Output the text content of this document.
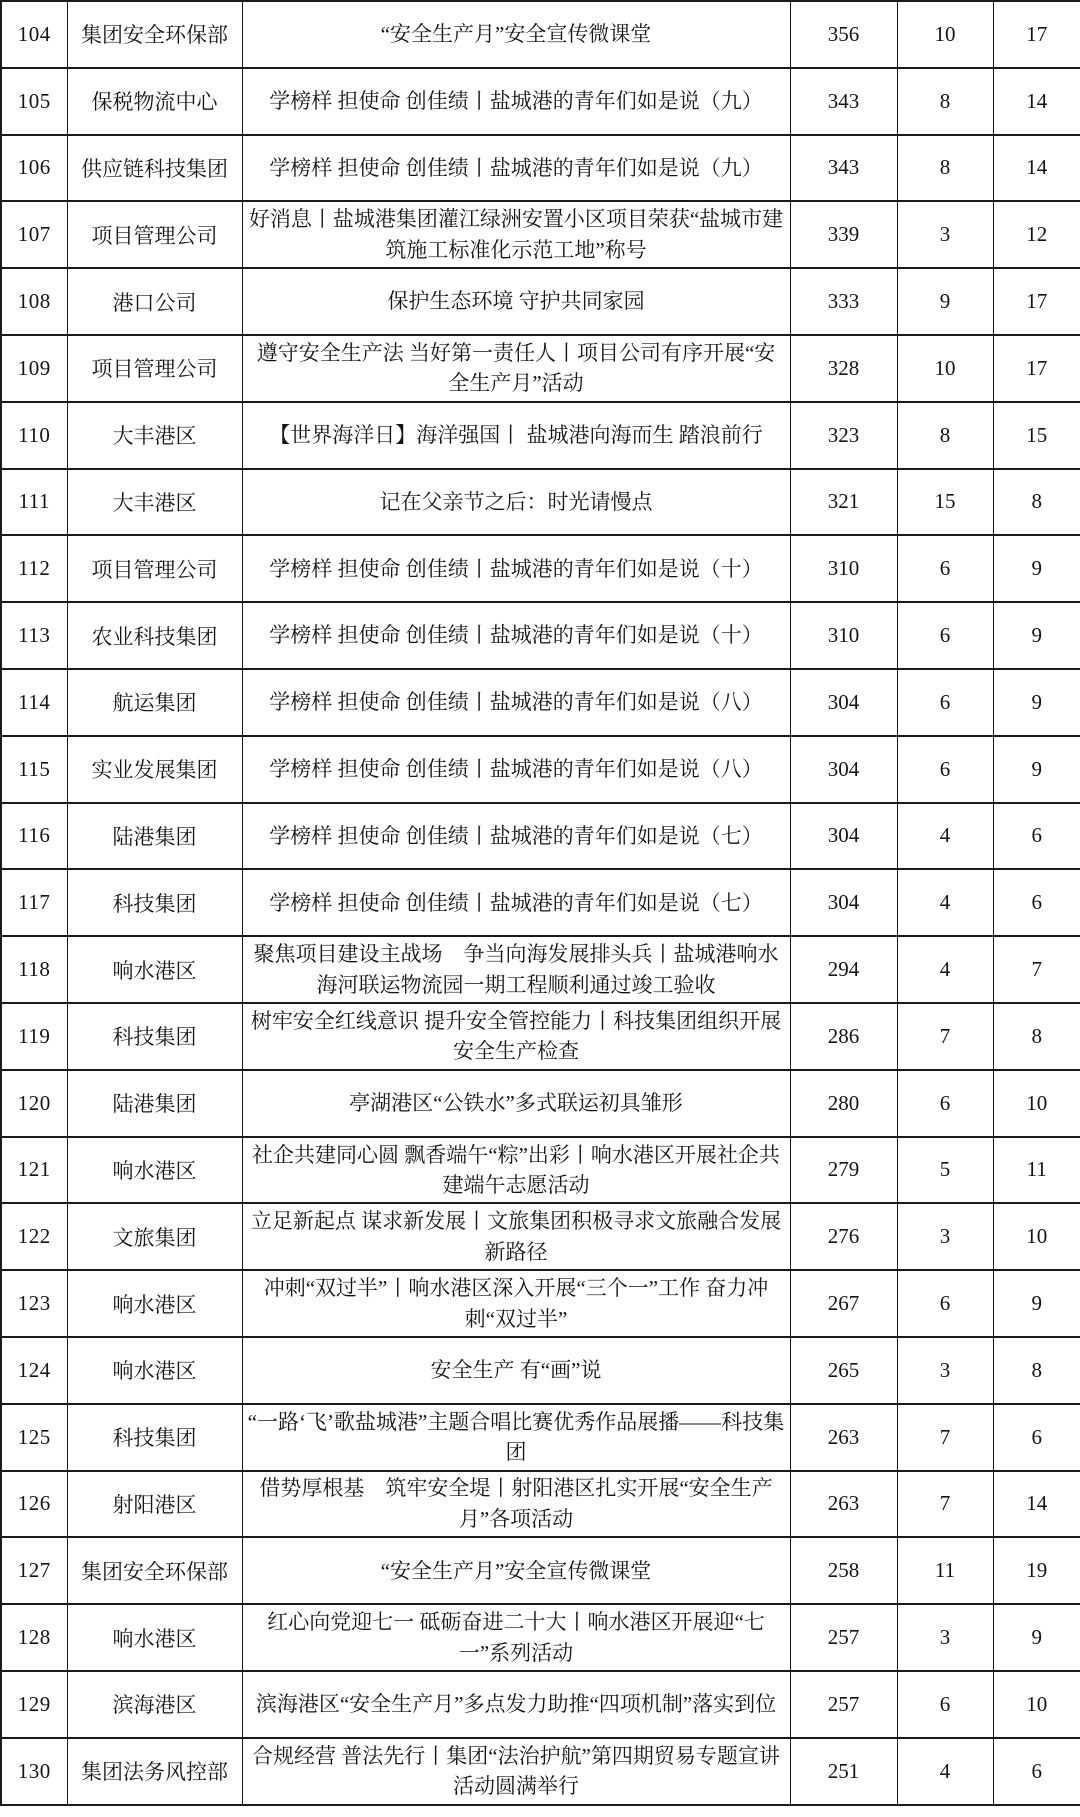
104	集团安全环保部	“安全生产月”安全宣传微课堂	356	10	17
105	保税物流中心	学榜样 担使命 创佳绩丨盐城港的青年们如是说（九）	343	8	14
106	供应链科技集团	学榜样 担使命 创佳绩丨盐城港的青年们如是说（九）	343	8	14
107	项目管理公司	好消息丨盐城港集团灌江绿洲安置小区项目荣获“盐城市建筑施工标准化示范工地”称号	339	3	12
108	港口公司	保护生态环境 守护共同家园	333	9	17
109	项目管理公司	遵守安全生产法 当好第一责任人丨项目公司有序开展“安全生产月”活动	328	10	17
110	大丰港区	【世界海洋日】海洋强国丨 盐城港向海而生 踏浪前行	323	8	15
111	大丰港区	记在父亲节之后：时光请慢点	321	15	8
112	项目管理公司	学榜样 担使命 创佳绩丨盐城港的青年们如是说（十）	310	6	9
113	农业科技集团	学榜样 担使命 创佳绩丨盐城港的青年们如是说（十）	310	6	9
114	航运集团	学榜样 担使命 创佳绩丨盐城港的青年们如是说（八）	304	6	9
115	实业发展集团	学榜样 担使命 创佳绩丨盐城港的青年们如是说（八）	304	6	9
116	陆港集团	学榜样 担使命 创佳绩丨盐城港的青年们如是说（七）	304	4	6
117	科技集团	学榜样 担使命 创佳绩丨盐城港的青年们如是说（七）	304	4	6
118	响水港区	聚焦项目建设主战场　争当向海发展排头兵丨盐城港响水海河联运物流园一期工程顺利通过竣工验收	294	4	7
119	科技集团	树牢安全红线意识 提升安全管控能力丨科技集团组织开展安全生产检查	286	7	8
120	陆港集团	亭湖港区“公铁水”多式联运初具雏形	280	6	10
121	响水港区	社企共建同心圆 飘香端午“粽”出彩丨响水港区开展社企共建端午志愿活动	279	5	11
122	文旅集团	立足新起点 谋求新发展丨文旅集团积极寻求文旅融合发展新路径	276	3	10
123	响水港区	冲刺“双过半”丨响水港区深入开展“三个一”工作 奋力冲刺“双过半”	267	6	9
124	响水港区	安全生产 有“画”说	265	3	8
125	科技集团	“一路‘飞’歌盐城港”主题合唱比赛优秀作品展播——科技集团	263	7	6
126	射阳港区	借势厚根基　筑牢安全堤丨射阳港区扎实开展“安全生产月”各项活动	263	7	14
127	集团安全环保部	“安全生产月”安全宣传微课堂	258	11	19
128	响水港区	红心向党迎七一 砥砺奋进二十大丨响水港区开展迎“七一”系列活动	257	3	9
129	滨海港区	滨海港区“安全生产月”多点发力助推“四项机制”落实到位	257	6	10
130	集团法务风控部	合规经营 普法先行丨集团“法治护航”第四期贸易专题宣讲活动圆满举行	251	4	6
